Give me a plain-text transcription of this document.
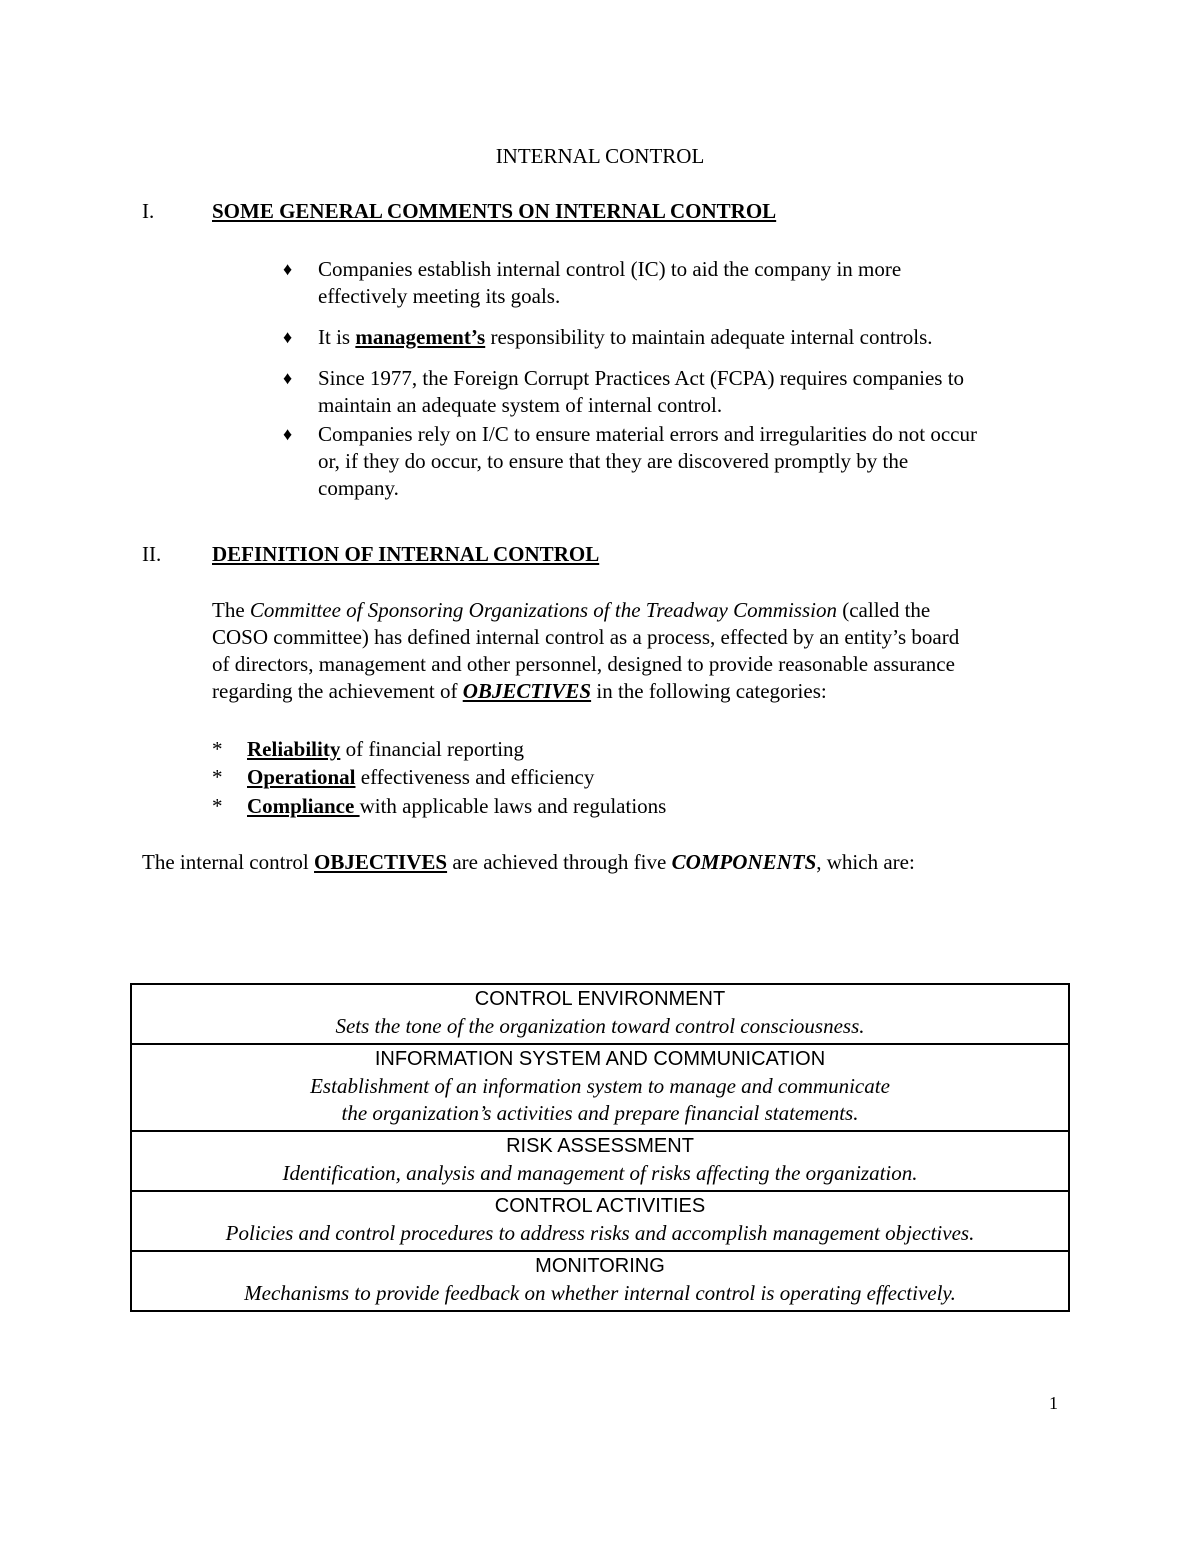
INTERNAL CONTROL
I.	SOME GENERAL COMMENTS ON INTERNAL CONTROL
♦ Companies establish internal control (IC) to aid the company in more
effectively meeting its goals.
♦ It is management’s responsibility to maintain adequate internal controls.
♦ Since 1977, the Foreign Corrupt Practices Act (FCPA) requires companies to
maintain an adequate system of internal control.
♦ Companies rely on I/C to ensure material errors and irregularities do not occur
or, if they do occur, to ensure that they are discovered promptly by the
company.
II. DEFINITION OF INTERNAL CONTROL
The Committee of Sponsoring Organizations of the Treadway Commission (called the
COSO committee) has defined internal control as a process, effected by an entity’s board
of directors, management and other personnel, designed to provide reasonable assurance
regarding the achievement of OBJECTIVES in the following categories:
* Reliability of financial reporting
* Operational effectiveness and efficiency
* Compliance with applicable laws and regulations
The internal control OBJECTIVES are achieved through five COMPONENTS, which are:
CONTROL ENVIRONMENT
Sets the tone of the organization toward control consciousness.

INFORMATION SYSTEM AND COMMUNICATION
Establishment of an information system to manage and communicate
the organization’s activities and prepare financial statements.

RISK ASSESSMENT
Identification, analysis and management of risks affecting the organization.

CONTROL ACTIVITIES
Policies and control procedures to address risks and accomplish management objectives.

MONITORING
Mechanisms to provide feedback on whether internal control is operating effectively.
1
